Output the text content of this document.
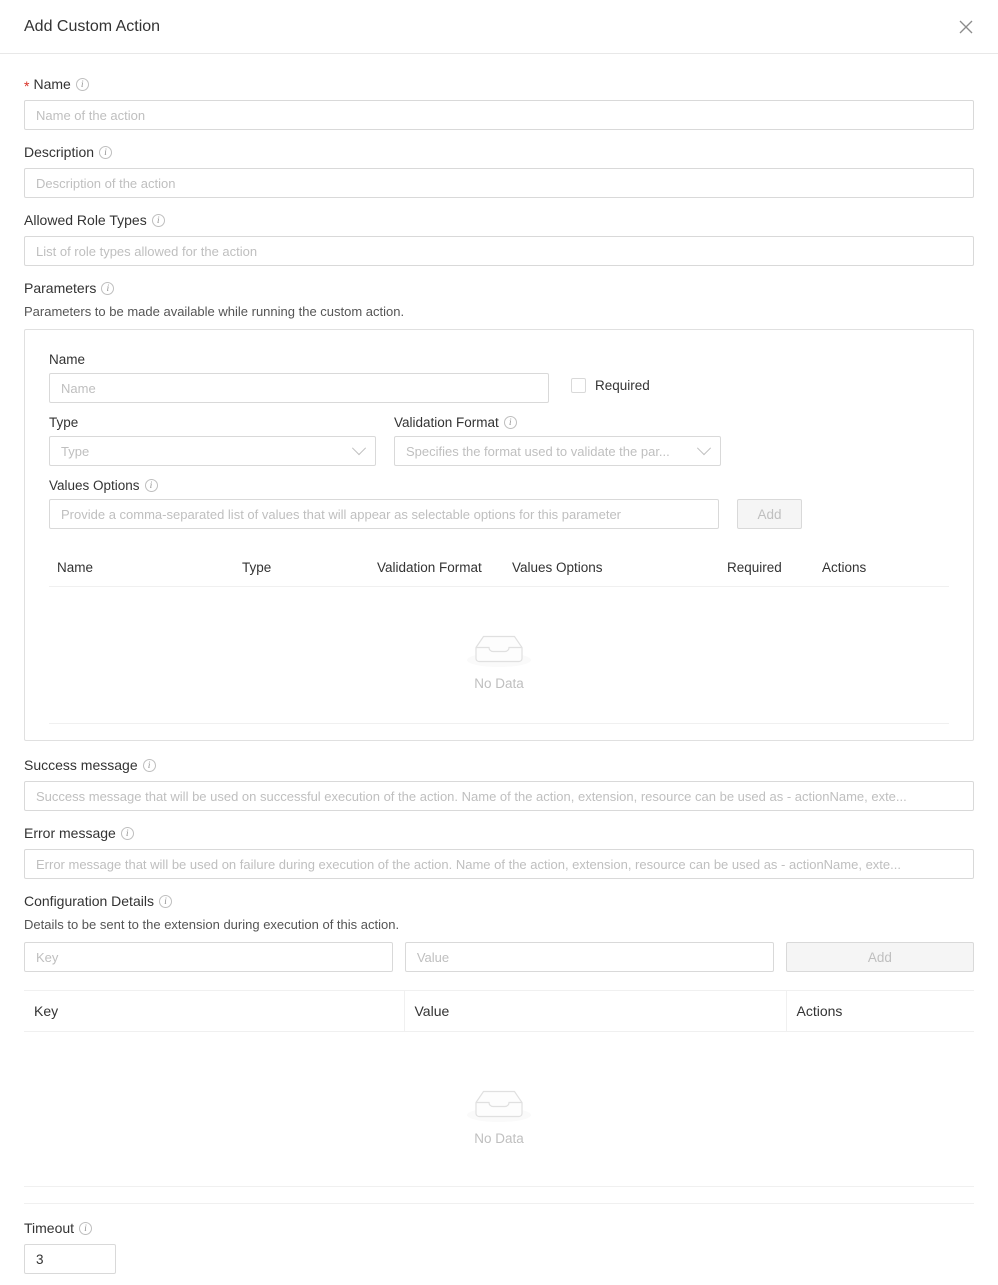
Add Custom Action
* Name	i
Name of the action
Description	i
Description of the action
Allowed Role Types	i
List of role types allowed for the action
Parameters	i
Parameters to be made available while running the custom action.
Name
Name
Required
Type
Type
Validation Format	i
Specifies the format used to validate the par...
Values Options	i
Provide a comma-separated list of values that will appear as selectable options for this parameter
Add
Name	Type	Validation Format	Values Options	Required	Actions

No Data
Success message	i
Success message that will be used on successful execution of the action. Name of the action, extension, resource can be used as - actionName, exte...
Error message	i
Error message that will be used on failure during execution of the action. Name of the action, extension, resource can be used as - actionName, exte...
Configuration Details	i
Details to be sent to the extension during execution of this action.
Key
Value
Add
Key	Value	Actions

No Data
Timeout	i
3
